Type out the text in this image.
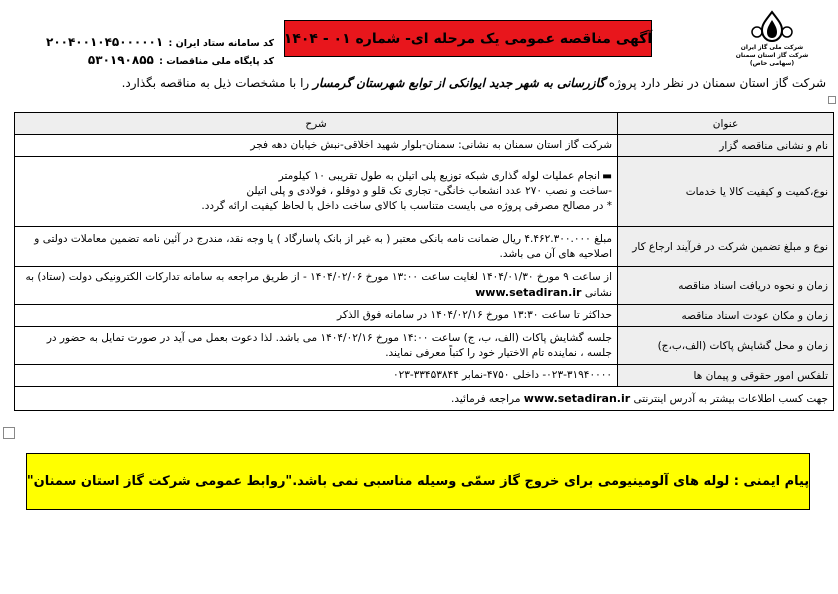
شرکت ملی گاز ایران
شرکت گاز استان سمنان
(سهامی خاص)
آگهی مناقصه عمومی یک مرحله ای- شماره ۰۱ - ۱۴۰۴
کد سامانه ستاد ایران : ۲۰۰۴۰۰۱۰۴۵۰۰۰۰۰۱
کد پایگاه ملی مناقصات : ۵۳۰۱۹۰۸۵۵
شرکت گاز استان سمنان در نظر دارد پروژه گازرسانی به شهر جدید ایوانکی از توابع شهرستان گرمسار را با مشخصات ذیل به مناقصه بگذارد.
عنوان	شرح
نام و نشانی مناقصه گزار	شرکت گاز استان سمنان به نشانی: سمنان-بلوار شهید اخلاقی-نبش خیابان دهه فجر
نوع،کمیت و کیفیت کالا یا خدمات	▬انجام عملیات لوله گذاری شبکه توزیع پلی اتیلن به طول تقریبی ۱۰ کیلومتر
-ساخت و نصب ۲۷۰ عدد انشعاب خانگی- تجاری تک قلو و دوقلو ، فولادی و پلی اتیلن
* در مصالح مصرفی پروژه می بایست متناسب با کالای ساخت داخل با لحاظ کیفیت ارائه گردد.

نوع و مبلغ تضمین شرکت در فرآیند ارجاع کار	مبلغ ۴.۴۶۲.۳۰۰.۰۰۰ ریال ضمانت نامه بانکی معتبر ( به غیر از بانک پاسارگاد ) یا وجه نقد، مندرج در آئین نامه تضمین معاملات دولتی و اصلاحیه های آن می باشد.
زمان و نحوه دریافت اسناد مناقصه	از ساعت ۹ مورخ ۱۴۰۴/۰۱/۳۰ لغایت ساعت ۱۳:۰۰ مورخ ۱۴۰۴/۰۲/۰۶ - از طریق مراجعه به سامانه تدارکات الکترونیکی دولت (ستاد) به نشانی www.setadiran.ir
زمان و مکان عودت اسناد مناقصه	حداکثر تا ساعت ۱۳:۳۰ مورخ ۱۴۰۴/۰۲/۱۶ در سامانه فوق الذکر
زمان و محل گشایش پاکات (الف،ب،ج)	جلسه گشایش پاکات (الف، ب، ج) ساعت ۱۴:۰۰ مورخ ۱۴۰۴/۰۲/۱۶ می باشد. لذا دعوت بعمل می آید در صورت تمایل به حضور در جلسه ، نماینده تام الاختیار خود را کتباً معرفی نمایند.
تلفکس امور حقوقی و پیمان ها	۰۲۳-۳۱۹۴۰۰۰۰- داخلی ۴۷۵۰-نمابر ۳۳۴۵۳۸۴۴-۰۲۳
جهت کسب اطلاعات بیشتر به آدرس اینترنتی www.setadiran.ir مراجعه فرمائید.	
پیام ایمنی : لوله های آلومینیومی برای خروج گاز سمّی وسیله مناسبی نمی باشد."روابط عمومی شرکت گاز استان سمنان"
